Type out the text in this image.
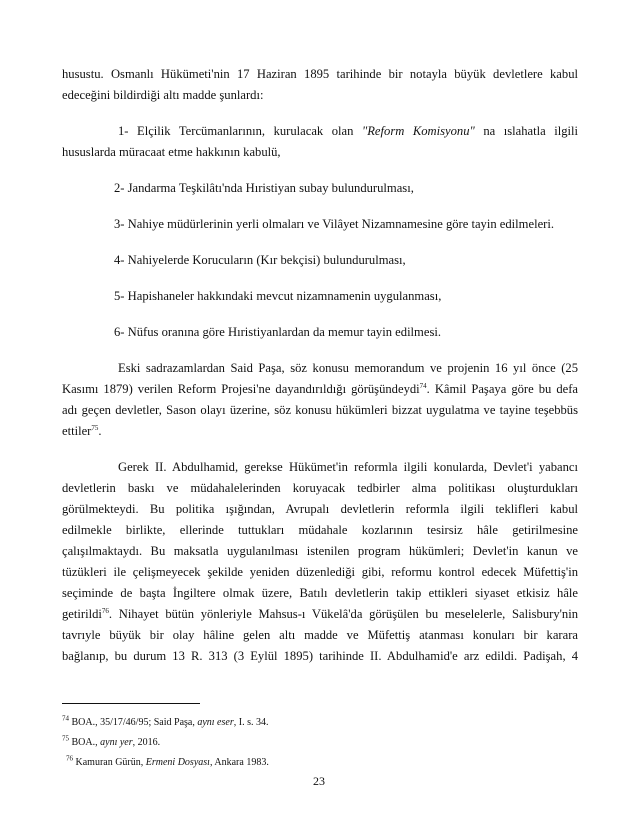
husustu. Osmanlı Hükümeti'nin 17 Haziran 1895 tarihinde bir notayla büyük devletlere kabul
edeceğini bildirdiği altı madde şunlardı:

1- Elçilik Tercümanlarının, kurulacak olan "Reform Komisyonu" na ıslahatla ilgili

hususlarda müracaat etme hakkının kabulü,

2- Jandarma Teşkilâtı'nda Hıristiyan subay bulundurulması,

3- Nahiye müdürlerinin yerli olmaları ve Vilâyet Nizamnamesine göre tayin edilmeleri.

4- Nahiyelerde Korucuların (Kır bekçisi) bulundurulması,

5- Hapishaneler hakkındaki mevcut nizamnamenin uygulanması,

6- Nüfus oranına göre Hıristiyanlardan da memur tayin edilmesi.

Eski sadrazamlardan Said Paşa, söz konusu memorandum ve projenin 16 yıl önce (25
Kasımı 1879) verilen Reform Projesi'ne dayandırıldığı görüşündeydi$^{74}$. Kâmil Paşaya göre bu defa
adı geçen devletler, Sason olayı üzerine, söz konusu hükümleri bizzat uygulatma ve tayine teşebbüs
ettiler$^{75}$.

Gerek II. Abdulhamid, gerekse Hükümet'in reformla ilgili konularda, Devlet'i yabancı
devletlerin baskı ve müdahalelerinden koruyacak tedbirler alma politikası oluşturdukları
görülmekteydi. Bu politika ışığından, Avrupalı devletlerin reformla ilgili teklifleri kabul
edilmekle birlikte, ellerinde tuttukları müdahale kozlarının tesirsiz hâle getirilmesine
çalışılmaktaydı. Bu maksatla uygulanılması istenilen program hükümleri; Devlet'in kanun ve
tüzükleri ile çelişmeyecek şekilde yeniden düzenlediği gibi, reformu kontrol edecek Müfettiş'in
seçiminde de başta İngiltere olmak üzere, Batılı devletlerin takip ettikleri siyaset etkisiz hâle
getirildi$^{76}$. Nihayet bütün yönleriyle Mahsus-ı Vükelâ'da görüşülen bu meselelerle, Salisbury'nin
tavrıyle büyük bir olay hâline gelen altı madde ve Müfettiş atanması konuları bir karara
bağlanıp, bu durum 13 R. 313 (3 Eylül 1895) tarihinde II. Abdulhamid'e arz edildi. Padişah, 4

$^{74}$ BOA., 35/17/46/95; Said Paşa, aynı eser, I. s. 34.
$^{75}$ BOA., aynı yer, 2016.
$^{76}$ Kamuran Gürün, Ermeni Dosyası, Ankara 1983.
23
